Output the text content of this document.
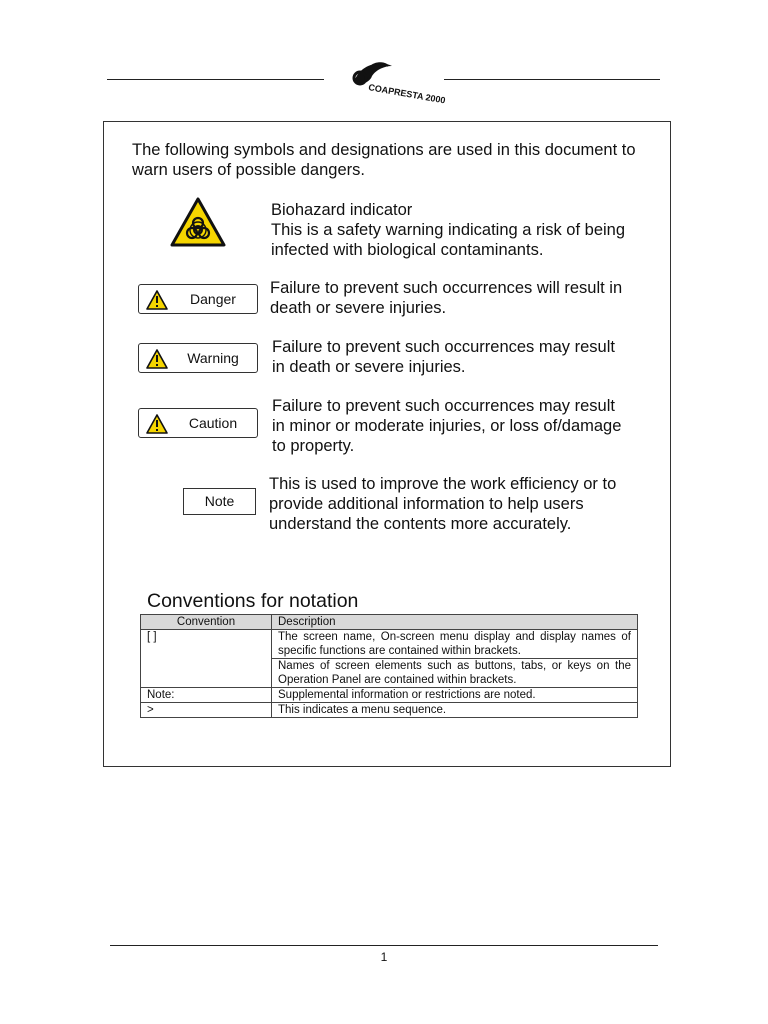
COAPRESTA 2000
The following symbols and designations are used in this document to warn users of possible dangers.
Biohazard indicator
This is a safety warning indicating a risk of being infected with biological contaminants.
Danger
Failure to prevent such occurrences will result in death or severe injuries.
Warning
Failure to prevent such occurrences may result in death or severe injuries.
Caution
Failure to prevent such occurrences may result in minor or moderate injuries, or loss of/damage to property.
Note
This is used to improve the work efficiency or to provide additional information to help users understand the contents more accurately.
Conventions for notation
Convention	Description
[ ]	The screen name, On-screen menu display and display names of specific functions are contained within brackets.
	Names of screen elements such as buttons, tabs, or keys on the Operation Panel are contained within brackets.
Note:	Supplemental information or restrictions are noted.
>	This indicates a menu sequence.
1
